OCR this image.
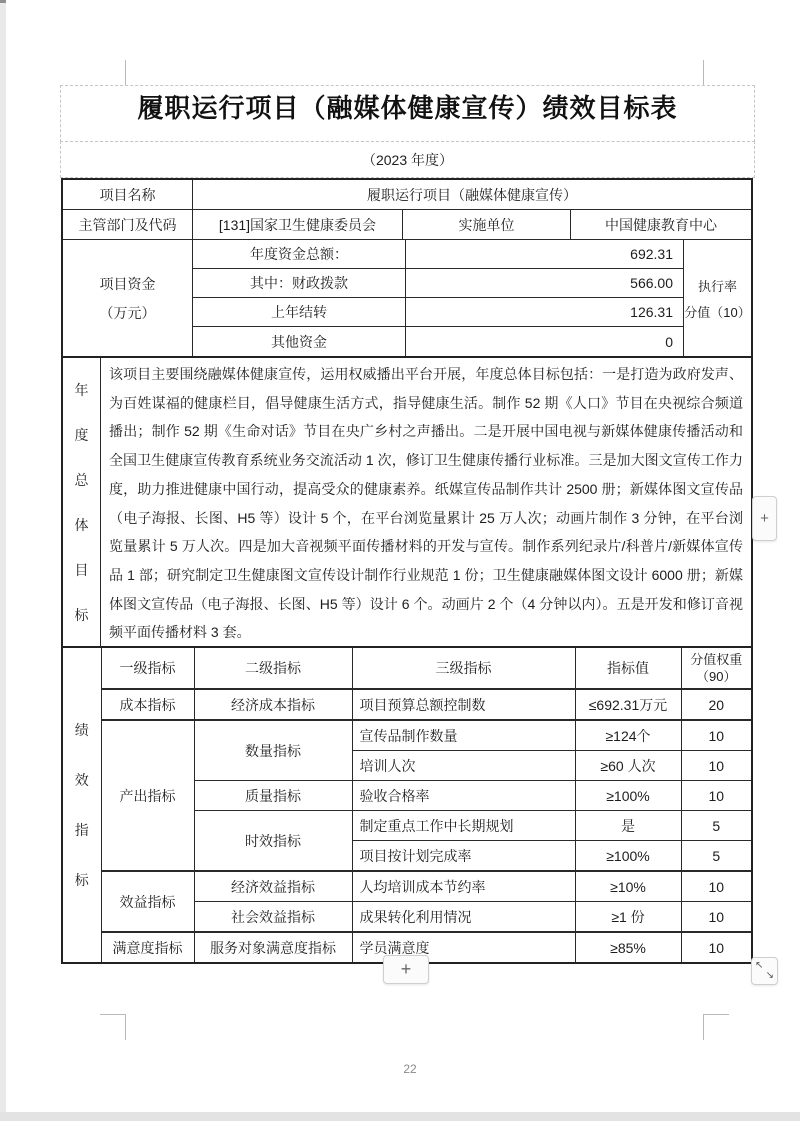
履职运行项目（融媒体健康宣传）绩效目标表
（2023 年度）
项目名称	履职运行项目（融媒体健康宣传）
主管部门及代码	[131]国家卫生健康委员会	实施单位	中国健康教育中心
项目资金
（万元）
年度资金总额：	692.31
其中：财政拨款	566.00
上年结转	126.31
其他资金	0
执行率
分值（10）
年
度
总
体
目
标
该项目主要围绕融媒体健康宣传，运用权威播出平台开展，年度总体目标包括：一是打造为政府发声、为百姓谋福的健康栏目，倡导健康生活方式，指导健康生活。制作 52 期《人口》节目在央视综合频道播出；制作 52 期《生命对话》节目在央广乡村之声播出。二是开展中国电视与新媒体健康传播活动和全国卫生健康宣传教育系统业务交流活动 1 次，修订卫生健康传播行业标准。三是加大图文宣传工作力度，助力推进健康中国行动，提高受众的健康素养。纸媒宣传品制作共计 2500 册；新媒体图文宣传品（电子海报、长图、H5 等）设计 5 个，在平台浏览量累计 25 万人次；动画片制作 3 分钟，在平台浏览量累计 5 万人次。四是加大音视频平面传播材料的开发与宣传。制作系列纪录片/科普片/新媒体宣传品 1 部；研究制定卫生健康图文宣传设计制作行业规范 1 份；卫生健康融媒体图文设计 6000 册；新媒体图文宣传品（电子海报、长图、H5 等）设计 6 个。动画片 2 个（4 分钟以内）。五是开发和修订音视频平面传播材料 3 套。
绩
效
指
标	一级指标	二级指标	三级指标	指标值	分值权重
（90）

	成本指标	经济成本指标	项目预算总额控制数	≤692.31万元	20
	产出指标	数量指标	宣传品制作数量	≥124个	10
			培训人次	≥60 人次	10
		质量指标	验收合格率	≥100%	10
		时效指标	制定重点工作中长期规划	是	5
			项目按计划完成率	≥100%	5
	效益指标	经济效益指标	人均培训成本节约率	≥10%	10
		社会效益指标	成果转化利用情况	≥1 份	10
	满意度指标	服务对象满意度指标	学员满意度	≥85%	10
+
+	↖
↘
22
